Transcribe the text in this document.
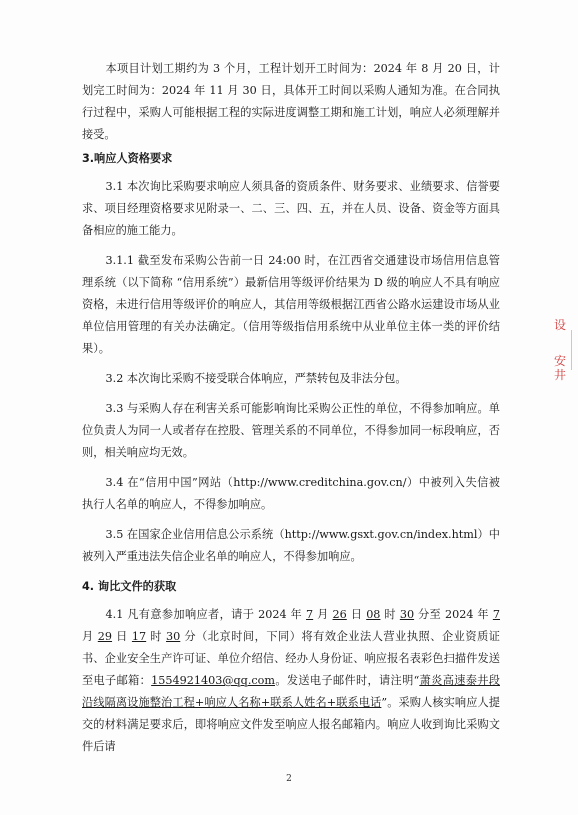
本项目计划工期约为 3 个月，工程计划开工时间为：2024 年 8 月 20 日，计划完工时间为：2024 年 11 月 30 日，具体开工时间以采购人通知为准。在合同执行过程中，采购人可能根据工程的实际进度调整工期和施工计划，响应人必须理解并接受。

3.响应人资格要求

3.1 本次询比采购要求响应人须具备的资质条件、财务要求、业绩要求、信誉要求、项目经理资格要求见附录一、二、三、四、五，并在人员、设备、资金等方面具备相应的施工能力。

3.1.1 截至发布采购公告前一日 24:00 时，在江西省交通建设市场信用信息管理系统（以下简称 “信用系统”）最新信用等级评价结果为 D 级的响应人不具有响应资格，未进行信用等级评价的响应人，其信用等级根据江西省公路水运建设市场从业单位信用管理的有关办法确定。（信用等级指信用系统中从业单位主体一类的评价结果）。

3.2 本次询比采购不接受联合体响应，严禁转包及非法分包。

3.3 与采购人存在利害关系可能影响询比采购公正性的单位，不得参加响应。单位负责人为同一人或者存在控股、管理关系的不同单位，不得参加同一标段响应，否则，相关响应均无效。

3.4 在“信用中国”网站（http://www.creditchina.gov.cn/）中被列入失信被执行人名单的响应人，不得参加响应。

3.5 在国家企业信用信息公示系统（http://www.gsxt.gov.cn/index.html）中被列入严重违法失信企业名单的响应人，不得参加响应。

4. 询比文件的获取

4.1 凡有意参加响应者，请于 2024 年 7 月 26 日 08 时 30 分至 2024 年 7 月 29 日 17 时 30 分（北京时间，下同）将有效企业法人营业执照、企业资质证书、企业安全生产许可证、单位介绍信、经办人身份证、响应报名表彩色扫描件发送至电子邮箱：1554921403@qq.com。发送电子邮件时，请注明“萧炎高速泰井段沿线隔离设施整治工程+响应人名称+联系人姓名+联系电话”。采购人核实响应人提交的材料满足要求后，即将响应文件发至响应人报名邮箱内。响应人收到询比采购文件后请

设
安
井
2
